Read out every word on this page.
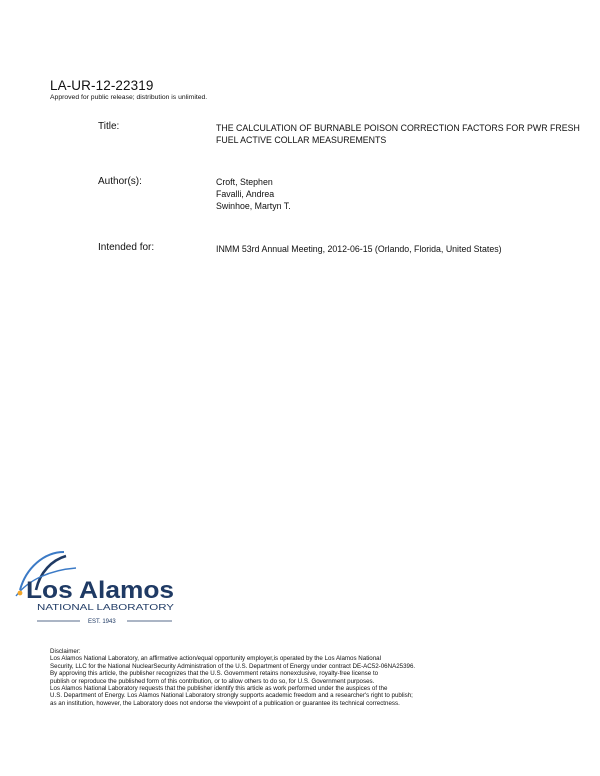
LA-UR-12-22319
Approved for public release; distribution is unlimited.
Title:	THE CALCULATION OF BURNABLE POISON CORRECTION FACTORS FOR PWR FRESH
FUEL ACTIVE COLLAR MEASUREMENTS
Author(s):	Croft, Stephen
Favalli, Andrea
Swinhoe, Martyn T.
Intended for:	INMM 53rd Annual Meeting, 2012-06-15 (Orlando, Florida, United States)
Los Alamos
NATIONAL LABORATORY
EST. 1943
Disclaimer:
Los Alamos National Laboratory, an affirmative action/equal opportunity employer,is operated by the Los Alamos National
Security, LLC for the National NuclearSecurity Administration of the U.S. Department of Energy under contract DE-AC52-06NA25396.
By approving this article, the publisher recognizes that the U.S. Government retains nonexclusive, royalty-free license to
publish or reproduce the published form of this contribution, or to allow others to do so, for U.S. Government purposes.
Los Alamos National Laboratory requests that the publisher identify this article as work performed under the auspices of the
U.S. Department of Energy. Los Alamos National Laboratory strongly supports academic freedom and a researcher's right to publish;
as an institution, however, the Laboratory does not endorse the viewpoint of a publication or guarantee its technical correctness.
